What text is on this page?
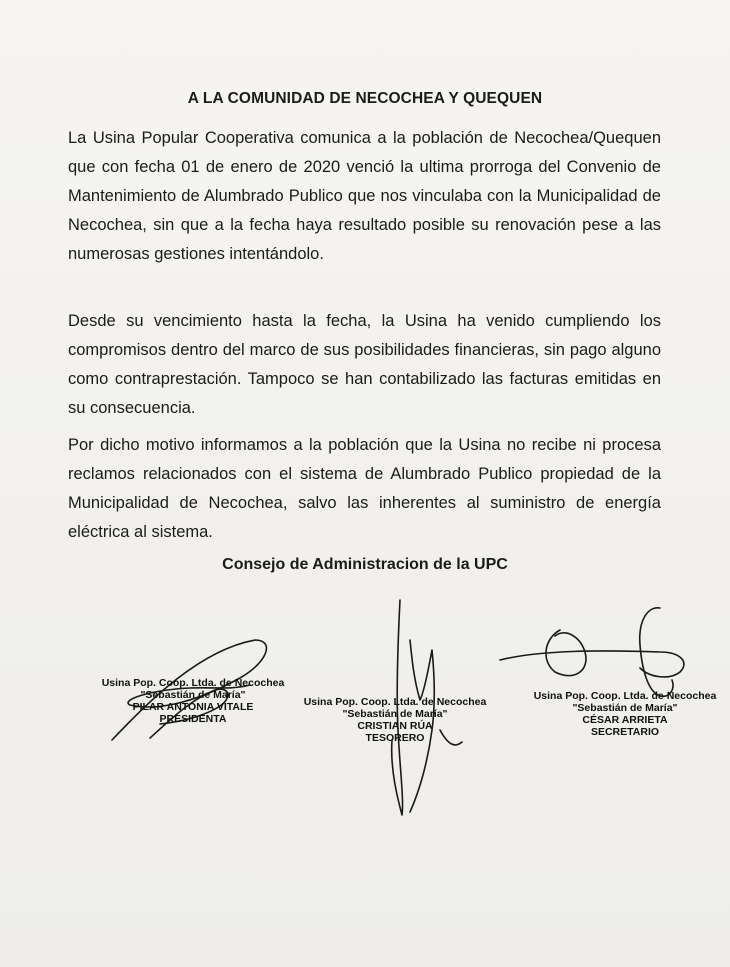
A LA COMUNIDAD DE NECOCHEA Y QUEQUEN
La Usina Popular Cooperativa comunica a la población de Necochea/Quequen que con fecha 01 de enero de 2020 venció la ultima prorroga del Convenio de Mantenimiento de Alumbrado Publico que nos vinculaba con la Municipalidad de Necochea, sin que a la fecha haya resultado posible su renovación pese a las numerosas gestiones intentándolo.
Desde su vencimiento hasta la fecha, la Usina ha venido cumpliendo los compromisos dentro del marco de sus posibilidades financieras, sin pago alguno como contraprestación. Tampoco se han contabilizado las facturas emitidas en su consecuencia.
Por dicho motivo informamos a la población que la Usina no recibe ni procesa reclamos relacionados con el sistema de Alumbrado Publico propiedad de la Municipalidad de Necochea, salvo las inherentes al suministro de energía eléctrica al sistema.
Consejo de Administracion de la UPC
Usina Pop. Coop. Ltda. de Necochea
"Sebastián de María"
PILAR ANTONIA VITALE
PRESIDENTA
Usina Pop. Coop. Ltda. de Necochea
"Sebastián de María"
CRISTIAN RÚA
TESORERO
Usina Pop. Coop. Ltda. de Necochea
"Sebastián de María"
CÉSAR ARRIETA
SECRETARIO
